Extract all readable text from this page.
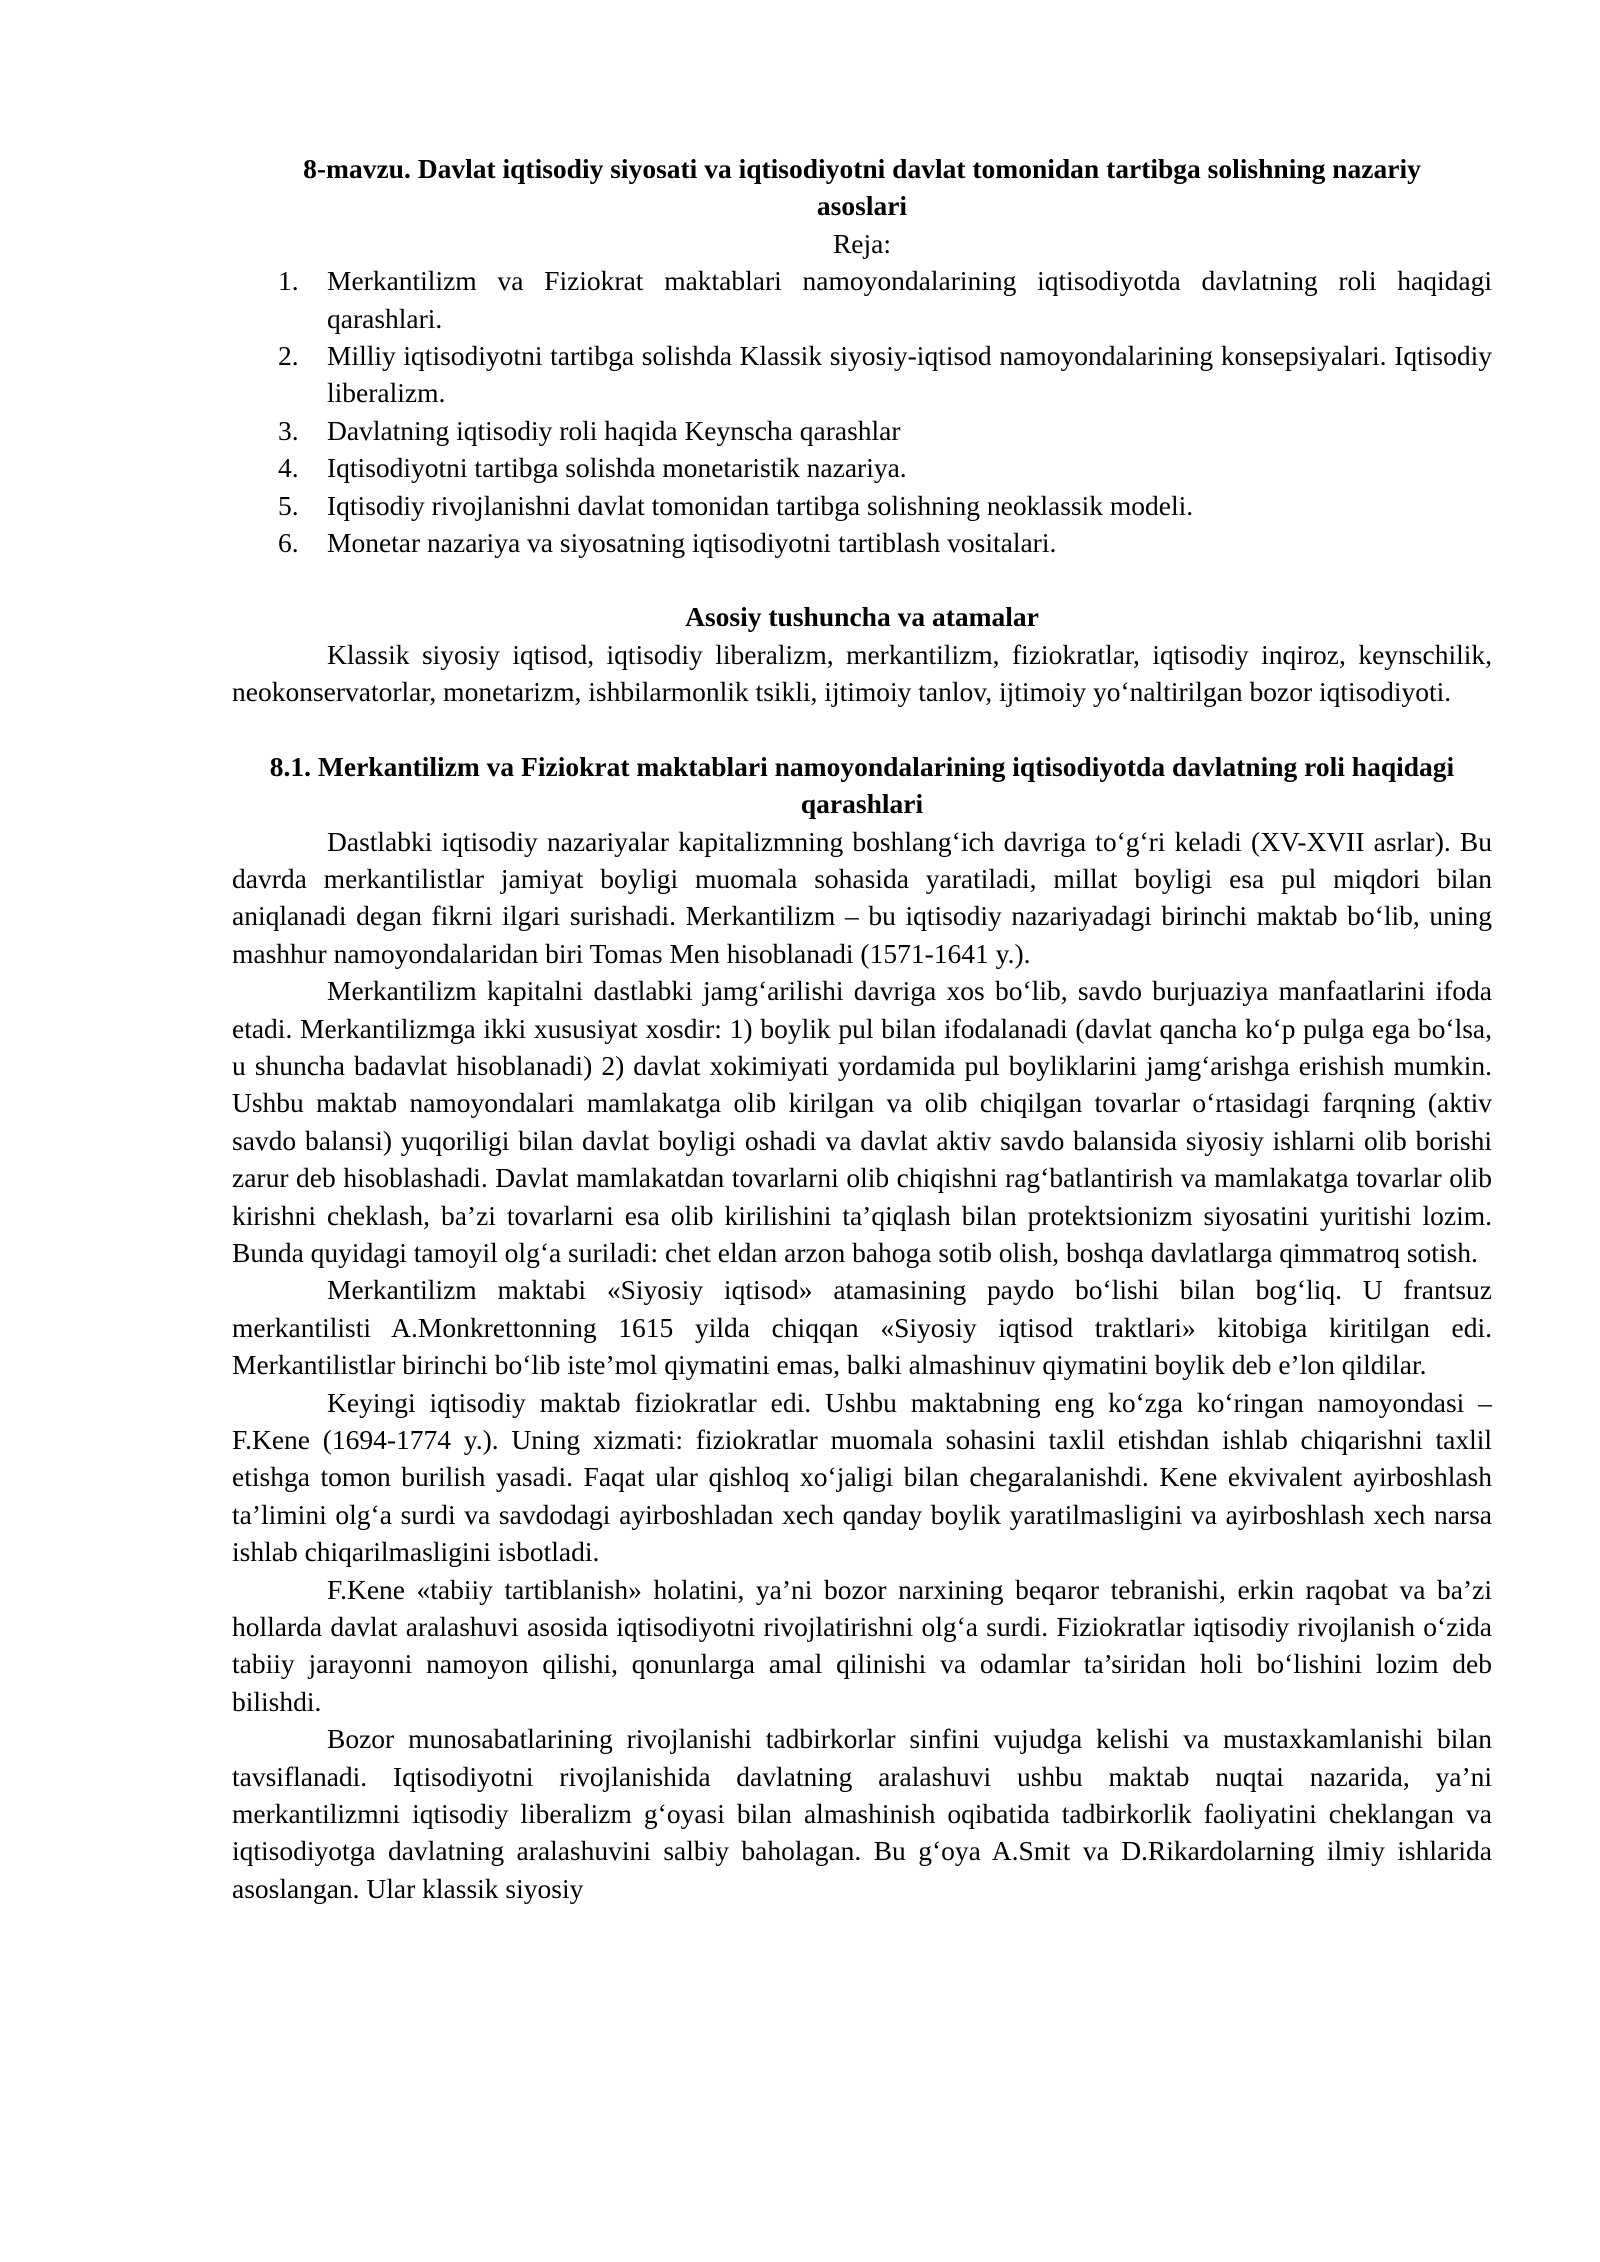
8-mavzu. Davlat iqtisodiy siyosati va iqtisodiyotni davlat tomonidan tartibga solishning nazariy asoslari

Reja:

1. Merkantilizm va Fiziokrat maktablari namoyondalarining iqtisodiyotda davlatning roli haqidagi qarashlari.
2. Milliy iqtisodiyotni tartibga solishda Klassik siyosiy-iqtisod namoyondalarining konsepsiyalari. Iqtisodiy liberalizm.
3. Davlatning iqtisodiy roli haqida Keynscha qarashlar
4. Iqtisodiyotni tartibga solishda monetaristik nazariya.
5. Iqtisodiy rivojlanishni davlat tomonidan tartibga solishning neoklassik modeli.
6. Monetar nazariya va siyosatning iqtisodiyotni tartiblash vositalari.

Asosiy tushuncha va atamalar

Klassik siyosiy iqtisod, iqtisodiy liberalizm, merkantilizm, fiziokratlar, iqtisodiy inqiroz, keynschilik, neokonservatorlar, monetarizm, ishbilarmonlik tsikli, ijtimoiy tanlov, ijtimoiy yo‘naltirilgan bozor iqtisodiyoti.

8.1. Merkantilizm va Fiziokrat maktablari namoyondalarining iqtisodiyotda davlatning roli haqidagi qarashlari

Dastlabki iqtisodiy nazariyalar kapitalizmning boshlang‘ich davriga to‘g‘ri keladi (XV-XVII asrlar). Bu davrda merkantilistlar jamiyat boyligi muomala sohasida yaratiladi, millat boyligi esa pul miqdori bilan aniqlanadi degan fikrni ilgari surishadi. Merkantilizm – bu iqtisodiy nazariyadagi birinchi maktab bo‘lib, uning mashhur namoyondalaridan biri Tomas Men hisoblanadi (1571-1641 y.).

Merkantilizm kapitalni dastlabki jamg‘arilishi davriga xos bo‘lib, savdo burjuaziya manfaatlarini ifoda etadi. Merkantilizmga ikki xususiyat xosdir: 1) boylik pul bilan ifodalanadi (davlat qancha ko‘p pulga ega bo‘lsa, u shuncha badavlat hisoblanadi) 2) davlat xokimiyati yordamida pul boyliklarini jamg‘arishga erishish mumkin. Ushbu maktab namoyondalari mamlakatga olib kirilgan va olib chiqilgan tovarlar o‘rtasidagi farqning (aktiv savdo balansi) yuqoriligi bilan davlat boyligi oshadi va davlat aktiv savdo balansida siyosiy ishlarni olib borishi zarur deb hisoblashadi. Davlat mamlakatdan tovarlarni olib chiqishni rag‘batlantirish va mamlakatga tovarlar olib kirishni cheklash, ba’zi tovarlarni esa olib kirilishini ta’qiqlash bilan protektsionizm siyosatini yuritishi lozim. Bunda quyidagi tamoyil olg‘a suriladi: chet eldan arzon bahoga sotib olish, boshqa davlatlarga qimmatroq sotish.

Merkantilizm maktabi «Siyosiy iqtisod» atamasining paydo bo‘lishi bilan bog‘liq. U frantsuz merkantilisti A.Monkrettonning 1615 yilda chiqqan «Siyosiy iqtisod traktlari» kitobiga kiritilgan edi. Merkantilistlar birinchi bo‘lib iste’mol qiymatini emas, balki almashinuv qiymatini boylik deb e’lon qildilar.

Keyingi iqtisodiy maktab fiziokratlar edi. Ushbu maktabning eng ko‘zga ko‘ringan namoyondasi – F.Kene (1694-1774 y.). Uning xizmati: fiziokratlar muomala sohasini taxlil etishdan ishlab chiqarishni taxlil etishga tomon burilish yasadi. Faqat ular qishloq xo‘jaligi bilan chegaralanishdi. Kene ekvivalent ayirboshlash ta’limini olg‘a surdi va savdodagi ayirboshladan xech qanday boylik yaratilmasligini va ayirboshlash xech narsa ishlab chiqarilmasligini isbotladi.

F.Kene «tabiiy tartiblanish» holatini, ya’ni bozor narxining beqaror tebranishi, erkin raqobat va ba’zi hollarda davlat aralashuvi asosida iqtisodiyotni rivojlatirishni olg‘a surdi. Fiziokratlar iqtisodiy rivojlanish o‘zida tabiiy jarayonni namoyon qilishi, qonunlarga amal qilinishi va odamlar ta’siridan holi bo‘lishini lozim deb bilishdi.

Bozor munosabatlarining rivojlanishi tadbirkorlar sinfini vujudga kelishi va mustaxkamlanishi bilan tavsiflanadi. Iqtisodiyotni rivojlanishida davlatning aralashuvi ushbu maktab nuqtai nazarida, ya’ni merkantilizmni iqtisodiy liberalizm g‘oyasi bilan almashinish oqibatida tadbirkorlik faoliyatini cheklangan va iqtisodiyotga davlatning aralashuvini salbiy baholagan. Bu g‘oya A.Smit va D.Rikardolarning ilmiy ishlarida asoslangan. Ular klassik siyosiy
